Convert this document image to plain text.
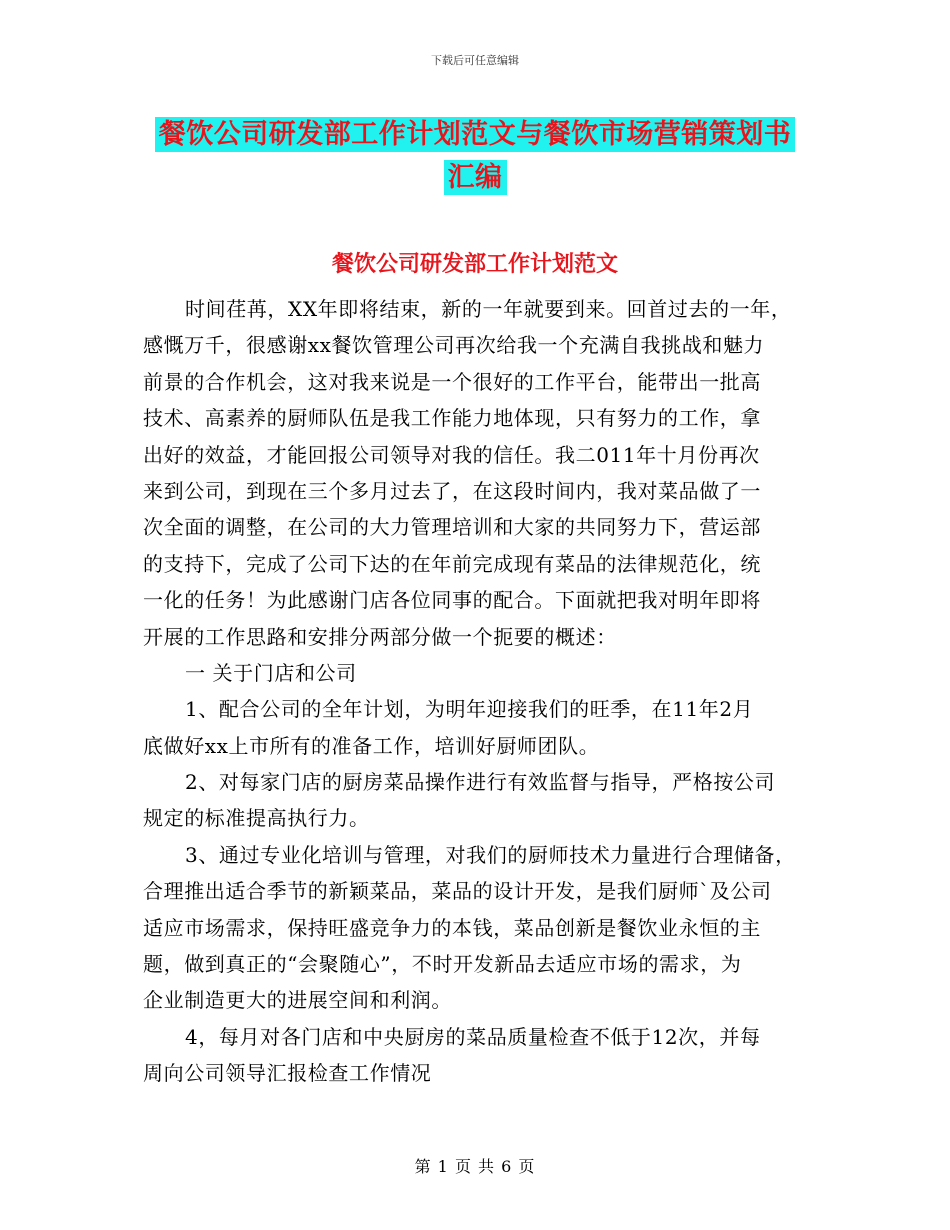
下载后可任意编辑
餐饮公司研发部工作计划范文与餐饮市场营销策划书
汇编
餐饮公司研发部工作计划范文
时间荏苒，XX年即将结束，新的一年就要到来。回首过去的一年，
感慨万千，很感谢xx餐饮管理公司再次给我一个充满自我挑战和魅力
前景的合作机会，这对我来说是一个很好的工作平台，能带出一批高
技术、高素养的厨师队伍是我工作能力地体现，只有努力的工作，拿
出好的效益，才能回报公司领导对我的信任。我二011年十月份再次
来到公司，到现在三个多月过去了，在这段时间内，我对菜品做了一
次全面的调整，在公司的大力管理培训和大家的共同努力下，营运部
的支持下，完成了公司下达的在年前完成现有菜品的法律规范化，统
一化的任务！为此感谢门店各位同事的配合。下面就把我对明年即将
开展的工作思路和安排分两部分做一个扼要的概述：
一 关于门店和公司
1、配合公司的全年计划，为明年迎接我们的旺季，在11年2月
底做好xx上市所有的准备工作，培训好厨师团队。
2、对每家门店的厨房菜品操作进行有效监督与指导，严格按公司
规定的标准提高执行力。
3、通过专业化培训与管理，对我们的厨师技术力量进行合理储备，
合理推出适合季节的新颖菜品，菜品的设计开发，是我们厨师`及公司
适应市场需求，保持旺盛竞争力的本钱，菜品创新是餐饮业永恒的主
题，做到真正的“会聚随心”，不时开发新品去适应市场的需求，为
企业制造更大的进展空间和利润。
4，每月对各门店和中央厨房的菜品质量检查不低于12次，并每
周向公司领导汇报检查工作情况
第 1 页 共 6 页
